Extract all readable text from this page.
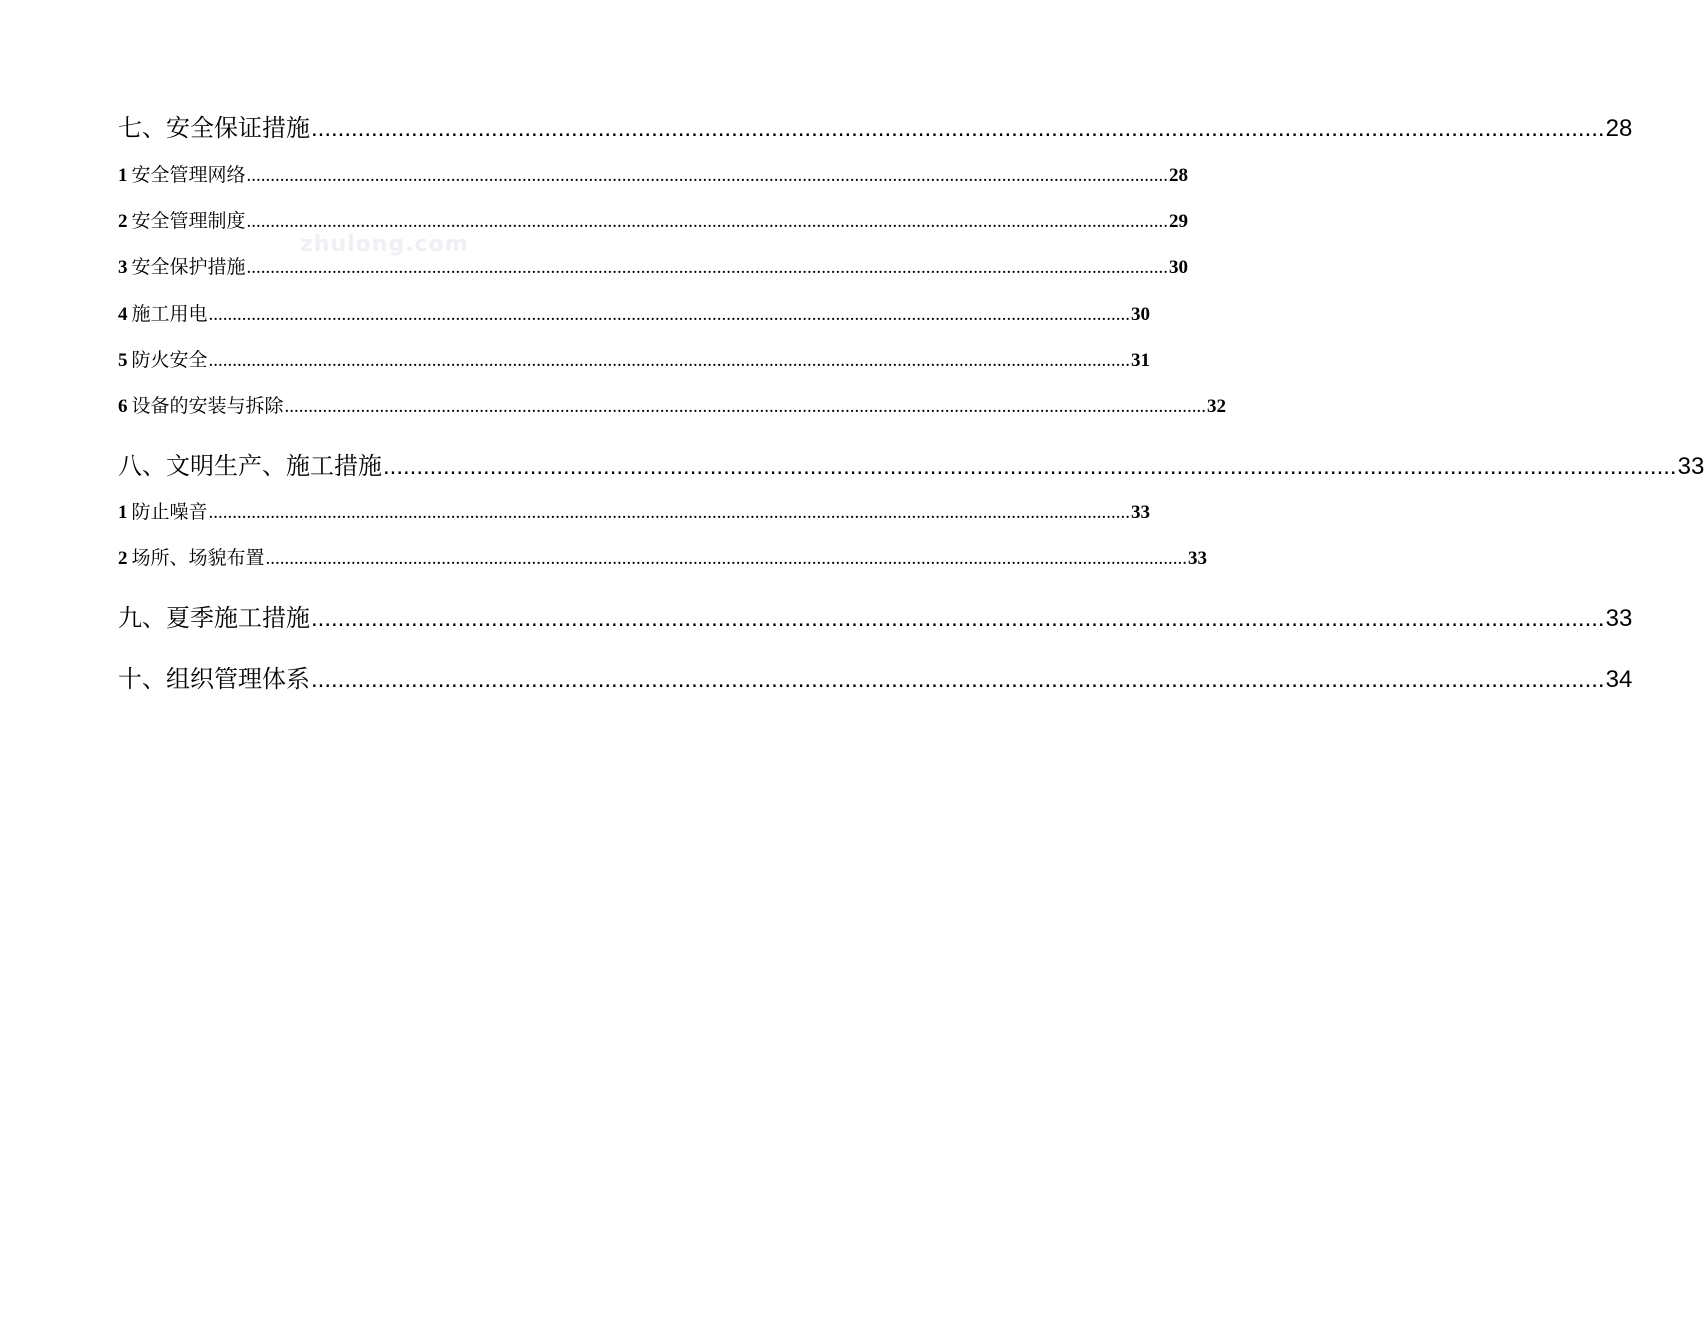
zhulong.com
七、安全保证措施 .................................................................................................................................................................................................. 28
1 安全管理网络 .................................................................................................................................................................................................. 28
2 安全管理制度 .................................................................................................................................................................................................. 29
3 安全保护措施 .................................................................................................................................................................................................. 30
4 施工用电 .................................................................................................................................................................................................. 30
5 防火安全 .................................................................................................................................................................................................. 31
6 设备的安装与拆除 .................................................................................................................................................................................................. 32
八、文明生产、施工措施 .................................................................................................................................................................................................. 33
1 防止噪音 .................................................................................................................................................................................................. 33
2 场所、场貌布置 .................................................................................................................................................................................................. 33
九、夏季施工措施 .................................................................................................................................................................................................. 33
十、组织管理体系 .................................................................................................................................................................................................. 34
